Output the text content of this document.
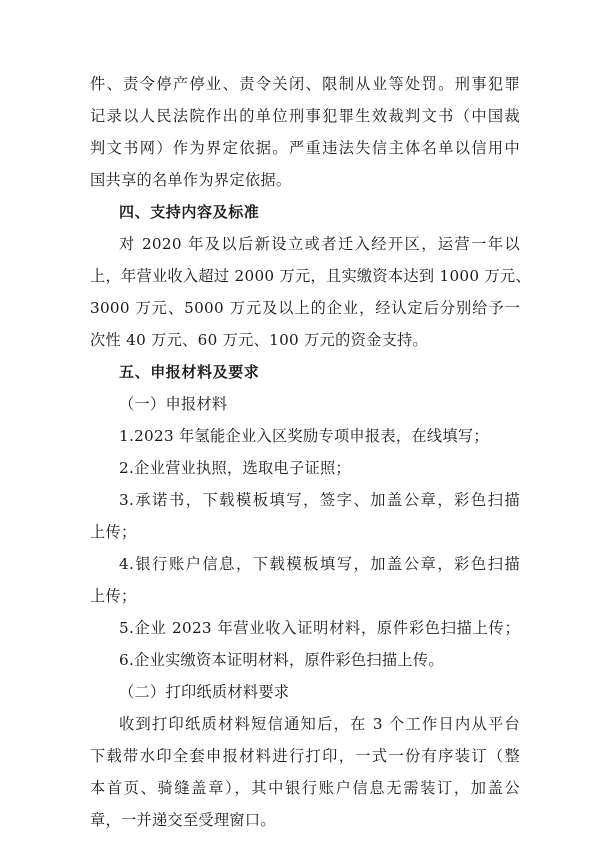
件、责令停产停业、责令关闭、限制从业等处罚。刑事犯罪
记录以人民法院作出的单位刑事犯罪生效裁判文书（中国裁
判文书网）作为界定依据。严重违法失信主体名单以信用中
国共享的名单作为界定依据。
四、支持内容及标准
对 2020 年及以后新设立或者迁入经开区，运营一年以
上，年营业收入超过 2000 万元，且实缴资本达到 1000 万元、
3000 万元、5000 万元及以上的企业，经认定后分别给予一
次性 40 万元、60 万元、100 万元的资金支持。
五、申报材料及要求
（一）申报材料
1.2023 年氢能企业入区奖励专项申报表，在线填写；
2.企业营业执照，选取电子证照；
3.承诺书，下载模板填写，签字、加盖公章，彩色扫描
上传；
4.银行账户信息，下载模板填写，加盖公章，彩色扫描
上传；
5.企业 2023 年营业收入证明材料，原件彩色扫描上传；
6.企业实缴资本证明材料，原件彩色扫描上传。
（二）打印纸质材料要求
收到打印纸质材料短信通知后，在 3 个工作日内从平台
下载带水印全套申报材料进行打印，一式一份有序装订（整
本首页、骑缝盖章），其中银行账户信息无需装订，加盖公
章，一并递交至受理窗口。
